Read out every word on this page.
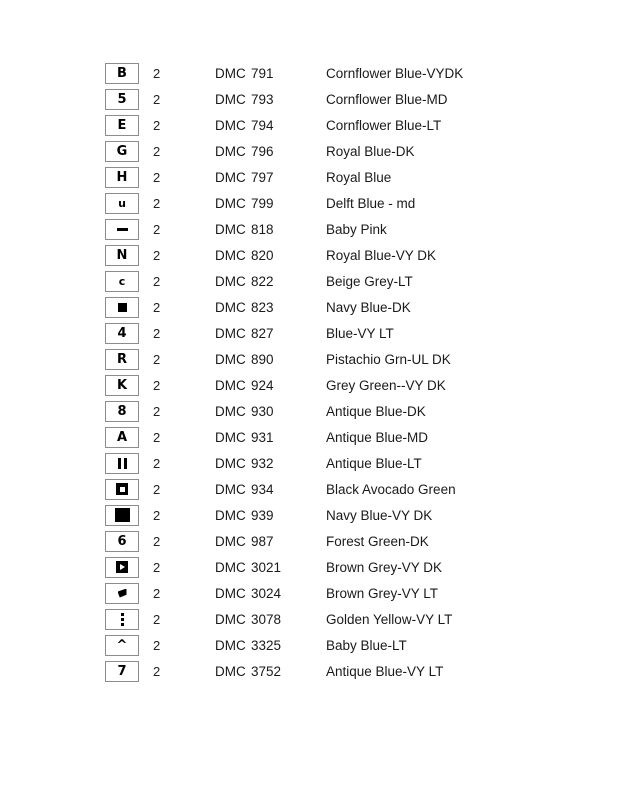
B	2	DMC 791	Cornflower Blue-VYDK

5	2	DMC 793	Cornflower Blue-MD

E	2	DMC 794	Cornflower Blue-LT

G	2	DMC 796	Royal Blue-DK

H	2	DMC 797	Royal Blue

u	2	DMC 799	Delft Blue - md

	2	DMC 818	Baby Pink

N	2	DMC 820	Royal Blue-VY DK

c	2	DMC 822	Beige Grey-LT

	2	DMC 823	Navy Blue-DK

4	2	DMC 827	Blue-VY LT

R	2	DMC 890	Pistachio Grn-UL DK

K	2	DMC 924	Grey Green--VY DK

8	2	DMC 930	Antique Blue-DK

A	2	DMC 931	Antique Blue-MD

	2	DMC 932	Antique Blue-LT

	2	DMC 934	Black Avocado Green

	2	DMC 939	Navy Blue-VY DK

6	2	DMC 987	Forest Green-DK

	2	DMC 3021	Brown Grey-VY DK

	2	DMC 3024	Brown Grey-VY LT

	2	DMC 3078	Golden Yellow-VY LT

^	2	DMC 3325	Baby Blue-LT

7	2	DMC 3752	Antique Blue-VY LT
